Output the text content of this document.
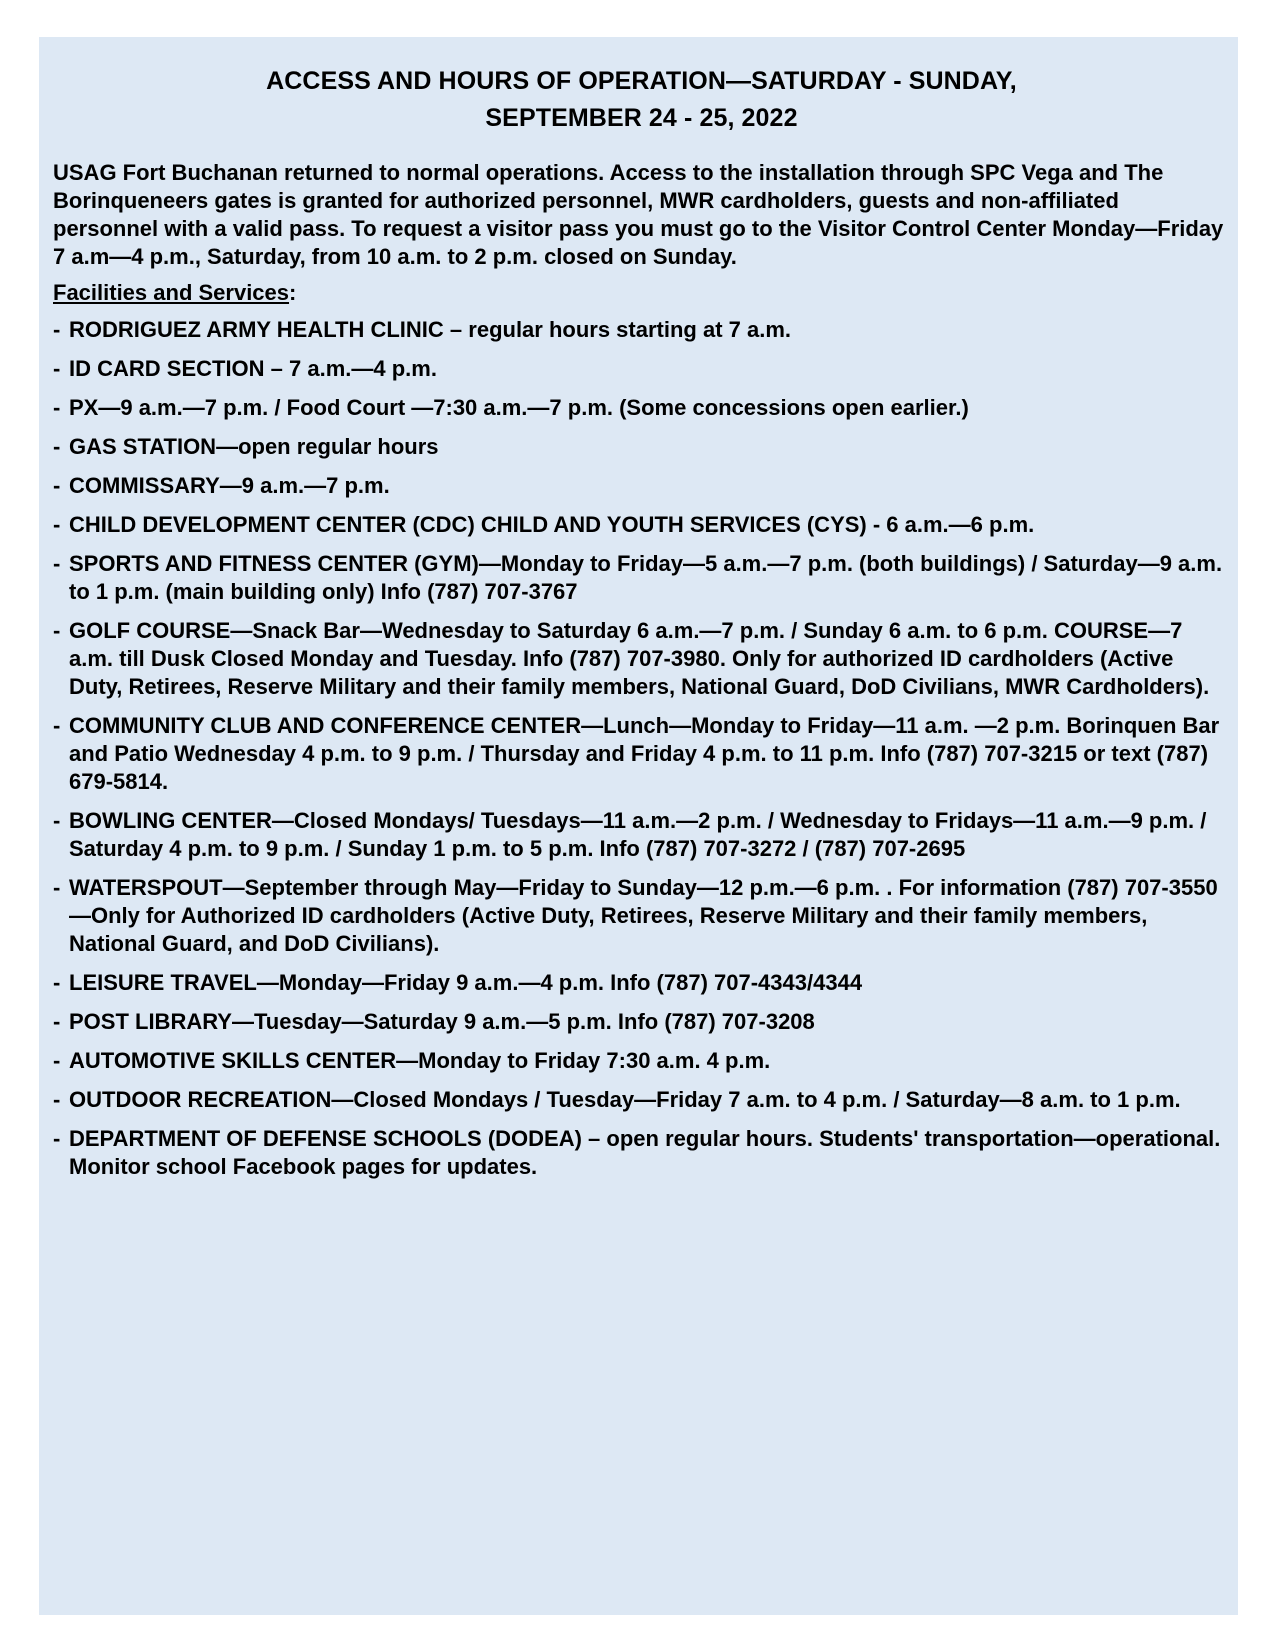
ACCESS AND HOURS OF OPERATION—SATURDAY - SUNDAY,
SEPTEMBER 24 - 25, 2022

USAG Fort Buchanan returned to normal operations. Access to the installation through SPC Vega and The Borinqueneers gates is granted for authorized personnel, MWR cardholders, guests and non-affiliated personnel with a valid pass. To request a visitor pass you must go to the Visitor Control Center Monday—Friday 7 a.m—4 p.m., Saturday, from 10 a.m. to 2 p.m. closed on Sunday.

Facilities and Services:

- RODRIGUEZ ARMY HEALTH CLINIC – regular hours starting at 7 a.m.
- ID CARD SECTION – 7 a.m.—4 p.m.
- PX—9 a.m.—7 p.m. / Food Court —7:30 a.m.—7 p.m. (Some concessions open earlier.)
- GAS STATION—open regular hours
- COMMISSARY—9 a.m.—7 p.m.
- CHILD DEVELOPMENT CENTER (CDC) CHILD AND YOUTH SERVICES (CYS) - 6 a.m.—6 p.m.
- SPORTS AND FITNESS CENTER (GYM)—Monday to Friday—5 a.m.—7 p.m. (both buildings) / Saturday—9 a.m. to 1 p.m. (main building only) Info (787) 707-3767
- GOLF COURSE—Snack Bar—Wednesday to Saturday 6 a.m.—7 p.m. / Sunday 6 a.m. to 6 p.m. COURSE—7 a.m. till Dusk Closed Monday and Tuesday. Info (787) 707-3980. Only for authorized ID cardholders (Active Duty, Retirees, Reserve Military and their family members, National Guard, DoD Civilians, MWR Cardholders).
- COMMUNITY CLUB AND CONFERENCE CENTER—Lunch—Monday to Friday—11 a.m. —2 p.m. Borinquen Bar and Patio Wednesday 4 p.m. to 9 p.m. / Thursday and Friday 4 p.m. to 11 p.m. Info (787) 707-3215 or text (787) 679-5814.
- BOWLING CENTER—Closed Mondays/ Tuesdays—11 a.m.—2 p.m. / Wednesday to Fridays—11 a.m.—9 p.m. / Saturday 4 p.m. to 9 p.m. / Sunday 1 p.m. to 5 p.m. Info (787) 707-3272 / (787) 707-2695
- WATERSPOUT—September through May—Friday to Sunday—12 p.m.—6 p.m. . For information (787) 707-3550—Only for Authorized ID cardholders (Active Duty, Retirees, Reserve Military and their family members, National Guard, and DoD Civilians).
- LEISURE TRAVEL—Monday—Friday 9 a.m.—4 p.m. Info (787) 707-4343/4344
- POST LIBRARY—Tuesday—Saturday 9 a.m.—5 p.m. Info (787) 707-3208
- AUTOMOTIVE SKILLS CENTER—Monday to Friday 7:30 a.m. 4 p.m.
- OUTDOOR RECREATION—Closed Mondays / Tuesday—Friday 7 a.m. to 4 p.m. / Saturday—8 a.m. to 1 p.m.
- DEPARTMENT OF DEFENSE SCHOOLS (DODEA) – open regular hours. Students' transportation—operational. Monitor school Facebook pages for updates.
